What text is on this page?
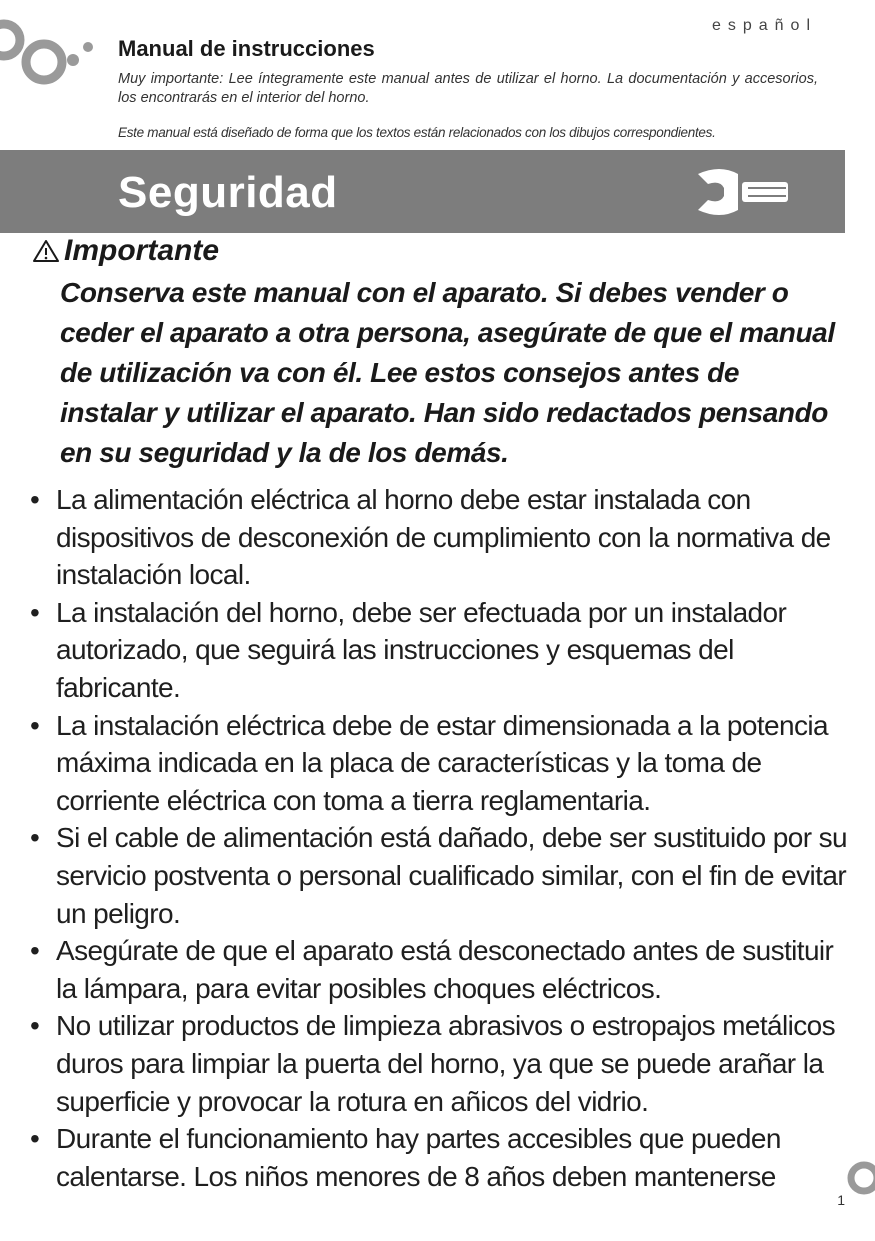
español
Manual de instrucciones

Muy importante: Lee íntegramente este manual antes de utilizar el horno. La documentación y accesorios, los encontrarás en el interior del horno.

Este manual está diseñado de forma que los textos están relacionados con los dibujos correspondientes.

Seguridad
Importante

Conserva este manual con el aparato. Si debes vender o ceder el aparato a otra persona, asegúrate de que el manual de utilización va con él. Lee estos consejos antes de instalar y utilizar el aparato. Han sido redactados pensando en su seguridad y la de los demás.

• La alimentación eléctrica al horno debe estar instalada con dispositivos de desconexión de cumplimiento con la normativa de instalación local.
• La instalación del horno, debe ser efectuada por un instalador autorizado, que seguirá las instrucciones y esquemas del fabricante.
• La instalación eléctrica debe de estar dimensionada a la potencia máxima indicada en la placa de características y la toma de corriente eléctrica con toma a tierra reglamentaria.
• Si el cable de alimentación está dañado, debe ser sustituido por su servicio postventa o personal cualificado similar, con el fin de evitar un peligro.
• Asegúrate de que el aparato está desconectado antes de sustituir la lámpara, para evitar posibles choques eléctricos.
• No utilizar productos de limpieza abrasivos o estropajos metálicos duros para limpiar la puerta del horno, ya que se puede arañar la superficie y provocar la rotura en añicos del vidrio.
• Durante el funcionamiento hay partes accesibles que pueden calentarse. Los niños menores de 8 años deben mantenerse
1
